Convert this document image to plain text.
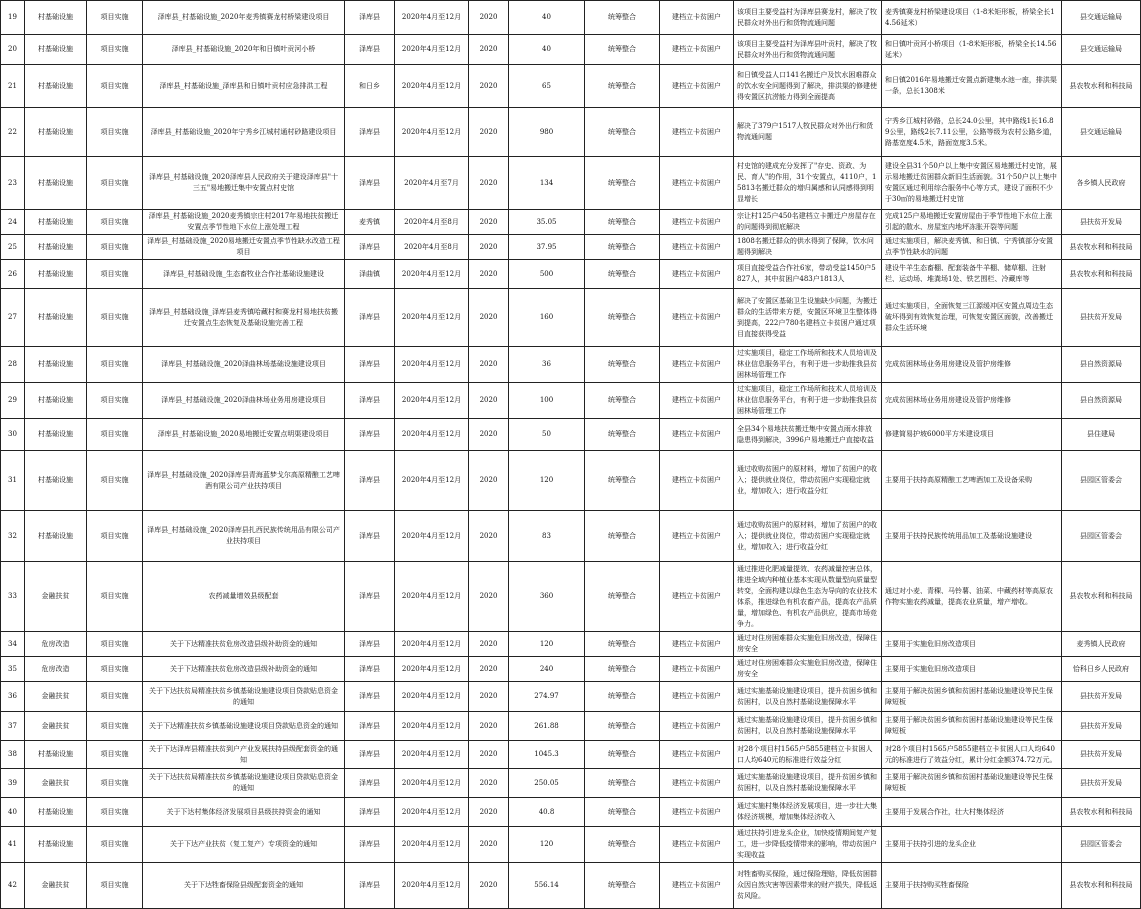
19	村基础设施	项目实施	泽库县_村基础设施_2020年麦秀镇赛龙村桥梁建设项目	泽库县	2020年4月至12月	2020	40	统筹整合	建档立卡贫困户	该项目主要受益村为泽库县赛龙村，解决了牧民群众对外出行和货物流通问题	麦秀镇赛龙村桥梁建设项目（1-8米矩形板，桥梁全长14.56延米）	县交通运输局
20	村基础设施	项目实施	泽库县_村基础设施_2020年和日镇叶贡河小桥	泽库县	2020年4月至12月	2020	40	统筹整合	建档立卡贫困户	该项目主要受益村为泽库县叶贡村，解决了牧民群众对外出行和货物流通问题	和日镇叶贡河小桥项目（1-8米矩形板，桥梁全长14.56延米）	县交通运输局
21	村基础设施	项目实施	泽库县_村基础设施_泽库县和日镇叶贡村应急排洪工程	和日乡	2020年4月至12月	2020	65	统筹整合	建档立卡贫困户	和日镇受益人口141名搬迁户及饮水困难群众的饮水安全问题得到了解决，排洪渠的修建使得安置区抗涝能力得到全面提高	和日镇2016年易地搬迁安置点新建集水池一座，排洪渠一条，总长1308米	县农牧水利和科技局
22	村基础设施	项目实施	泽库县_村基础设施_2020年宁秀乡江城村通村砂路建设项目	泽库县	2020年4月至12月	2020	980	统筹整合	建档立卡贫困户	解决了379户1517人牧民群众对外出行和货物流通问题	宁秀乡江城村砂路，总长24.0公里，其中路线1长16.89公里，路线2长7.11公里，公路等级为农村公路乡道，路基宽度4.5米，路面宽度3.5米。	县交通运输局
23	村基础设施	项目实施	泽库县_村基础设施_2020泽库县人民政府关于建设泽库县"十三五"易地搬迁集中安置点村史馆	泽库县	2020年4月至7月	2020	134	统筹整合	建档立卡贫困户	村史馆的建成充分发挥了"存史、资政、为民、育人"的作用，31个安置点，4110户，15813名搬迁群众的增归属感和认同感得到明显增长	建设全县31个50户以上集中安置区易地搬迁村史馆，展示易地搬迁贫困群众新旧生活面貌。31个50户以上集中安置区通过利用综合服务中心等方式，建设了面积不少于30㎡的易地搬迁村史馆	各乡镇人民政府
24	村基础设施	项目实施	泽库县_村基础设施_2020麦秀镇宗庄村2017年易地扶贫搬迁安置点季节性地下水位上涨处理工程	麦秀镇	2020年4月至8月	2020	35.05	统筹整合	建档立卡贫困户	宗让村125户450名建档立卡搬迁户房屋存在的问题得到彻底解决	完成125户易地搬迁安置房屋由于季节性地下水位上涨引起的散水、房屋室内地坪冻胀开裂等问题	县扶贫开发局
25	村基础设施	项目实施	泽库县_村基础设施_2020易地搬迁安置点季节性缺水改造工程项目	泽库县	2020年4月至8月	2020	37.95	统筹整合	建档立卡贫困户	1808名搬迁群众的供水得到了保障，饮水问题得到解决	通过实施项目，解决麦秀镇、和日镇、宁秀镇部分安置点季节性缺水的问题	县农牧水利和科技局
26	村基础设施	项目实施	泽库县_村基础设施_生态畜牧业合作社基础设施建设	泽曲镇	2020年4月至12月	2020	500	统筹整合	建档立卡贫困户	项目直接受益合作社6家，带动受益1450户5827人，其中贫困户483户1813人	建设牛羊生态畜棚、配套装备牛羊棚、储草棚、注射栏、运动场、堆粪场1处、铁艺围栏、冷藏库等	县农牧水利和科技局
27	村基础设施	项目实施	泽库县_村基础设施_泽库县麦秀镇哈藏村和赛龙村易地扶贫搬迁安置点生态恢复及基础设施完善工程	泽库县	2020年4月至12月	2020	160	统筹整合	建档立卡贫困户	解决了安置区基础卫生设施缺少问题，为搬迁群众的生活带来方便，安置区环境卫生整体得到提高，222户780名建档立卡贫困户通过项目直接获得受益	通过实施项目，全面恢复三江源缓冲区安置点周边生态破坏得到有效恢复治理，可恢复安置区面貌，改善搬迁群众生活环境	县扶贫开发局
28	村基础设施	项目实施	泽库县_村基础设施_2020泽曲林场基础设施建设项目	泽库县	2020年4月至12月	2020	36	统筹整合	建档立卡贫困户	过实施项目，稳定工作场所和技术人员培训及林业信息服务平台，有利于进一步助推我县贫困林场管理工作	完成贫困林场业务用房建设及管护房维修	县自然资源局
29	村基础设施	项目实施	泽库县_村基础设施_2020泽曲林场业务用房建设项目	泽库县	2020年4月至12月	2020	100	统筹整合	建档立卡贫困户	过实施项目，稳定工作场所和技术人员培训及林业信息服务平台，有利于进一步助推我县贫困林场管理工作	完成贫困林场业务用房建设及管护房维修	县自然资源局
30	村基础设施	项目实施	泽库县_村基础设施_2020易地搬迁安置点明渠建设项目	泽库县	2020年4月至12月	2020	50	统筹整合	建档立卡贫困户	全县34个易地扶贫搬迁集中安置点雨水排放隐患得到解决，3996户易地搬迁户直接收益	修建简易护坡6000平方米建设项目	县住建局
31	村基础设施	项目实施	泽库县_村基础设施_2020泽库县青海蓝梦戈尔高原精酿工艺啤酒有限公司产业扶持项目	泽库县	2020年4月至12月	2020	120	统筹整合	建档立卡贫困户	通过收购贫困户的原材料，增加了贫困户的收入；提供就业岗位，带动贫困户实现稳定就业，增加收入；进行收益分红	主要用于扶持高原精酿工艺啤酒加工及设备采购	县园区管委会
32	村基础设施	项目实施	泽库县_村基础设施_2020泽库县扎西民族传统用品有限公司产业扶持项目	泽库县	2020年4月至12月	2020	83	统筹整合	建档立卡贫困户	通过收购贫困户的原材料，增加了贫困户的收入；提供就业岗位，带动贫困户实现稳定就业，增加收入；进行收益分红	主要用于扶持民族传统用品加工及基础设施建设	县园区管委会
33	金融扶贫	项目实施	农药减量增效县级配套	泽库县	2020年4月至12月	2020	360	统筹整合	建档立卡贫困户	通过推进化肥减量提效、农药减量控害总体，推进全域内种植业基本实现从数量型向质量型转变，全面构建以绿色生态为导向的农业技术体系，推进绿色有机农畜产品，提高农产品质量，增加绿色、有机农产品供应，提高市场竞争力。	通过对小麦、青稞、马铃薯、油菜、中藏药材等高原农作物实施农药减量，提高农业质量，增产增收。	县农牧水利和科技局
34	危房改造	项目实施	关于下达精准扶贫危房改造县级补助资金的通知	泽库县	2020年4月至12月	2020	120	统筹整合	建档立卡贫困户	通过对住房困难群众实施危旧房改造，保障住房安全	主要用于实施危旧房改造项目	麦秀镇人民政府
35	危房改造	项目实施	关于下达精准扶贫危房改造县级补助资金的通知	泽库县	2020年4月至12月	2020	240	统筹整合	建档立卡贫困户	通过对住房困难群众实施危旧房改造，保障住房安全	主要用于实施危旧房改造项目	恰科日乡人民政府
36	金融扶贫	项目实施	关于下达扶贫局精准扶贫乡镇基础设施建设项目贷款贴息资金的通知	泽库县	2020年4月至12月	2020	274.97	统筹整合	建档立卡贫困户	通过实施基础设施建设项目，提升贫困乡镇和贫困村，以及自然村基础设施保障水平	主要用于解决贫困乡镇和贫困村基础设施建设等民生保障短板	县扶贫开发局
37	金融扶贫	项目实施	关于下达精准扶贫乡镇基础设施建设项目贷款贴息资金的通知	泽库县	2020年4月至12月	2020	261.88	统筹整合	建档立卡贫困户	通过实施基础设施建设项目，提升贫困乡镇和贫困村，以及自然村基础设施保障水平	主要用于解决贫困乡镇和贫困村基础设施建设等民生保障短板	县扶贫开发局
38	村基础设施	项目实施	关于下达泽库县精准扶贫到户产业发展扶持县级配套资金的通知	泽库县	2020年4月至12月	2020	1045.3	统筹整合	建档立卡贫困户	对28个项目村1565户5855建档立卡贫困人口人均640元的标准进行效益分红	对28个项目村1565户5855建档立卡贫困人口人均640元的标准进行了效益分红，累计分红金额374.72万元。	县扶贫开发局
39	金融扶贫	项目实施	关于下达扶贫局精准扶贫乡镇基础设施建设项目贷款贴息资金的通知	泽库县	2020年4月至12月	2020	250.05	统筹整合	建档立卡贫困户	通过实施基础设施建设项目，提升贫困乡镇和贫困村，以及自然村基础设施保障水平	主要用于解决贫困乡镇和贫困村基础设施建设等民生保障短板	县扶贫开发局
40	村基础设施	项目实施	关于下达村集体经济发展项目县级扶持资金的通知	泽库县	2020年4月至12月	2020	40.8	统筹整合	建档立卡贫困户	通过实施村集体经济发展项目，进一步壮大集体经济规模，增加集体经济收入	主要用于发展合作社，壮大村集体经济	县农牧水利和科技局
41	村基础设施	项目实施	关于下达产业扶贫（复工复产）专项资金的通知	泽库县	2020年4月至12月	2020	120	统筹整合	建档立卡贫困户	通过扶持引进龙头企业，加快疫情期间复产复工，进一步降低疫情带来的影响，带动贫困户实现收益	主要用于扶持引进的龙头企业	县园区管委会
42	金融扶贫	项目实施	关于下达牲畜保险县级配套资金的通知	泽库县	2020年4月至12月	2020	556.14	统筹整合	建档立卡贫困户	对牲畜购买保险，通过保险理赔，降低贫困群众因自然灾害等因素带来的财产损失，降低返贫风险。	主要用于扶持购买牲畜保险	县农牧水利和科技局
